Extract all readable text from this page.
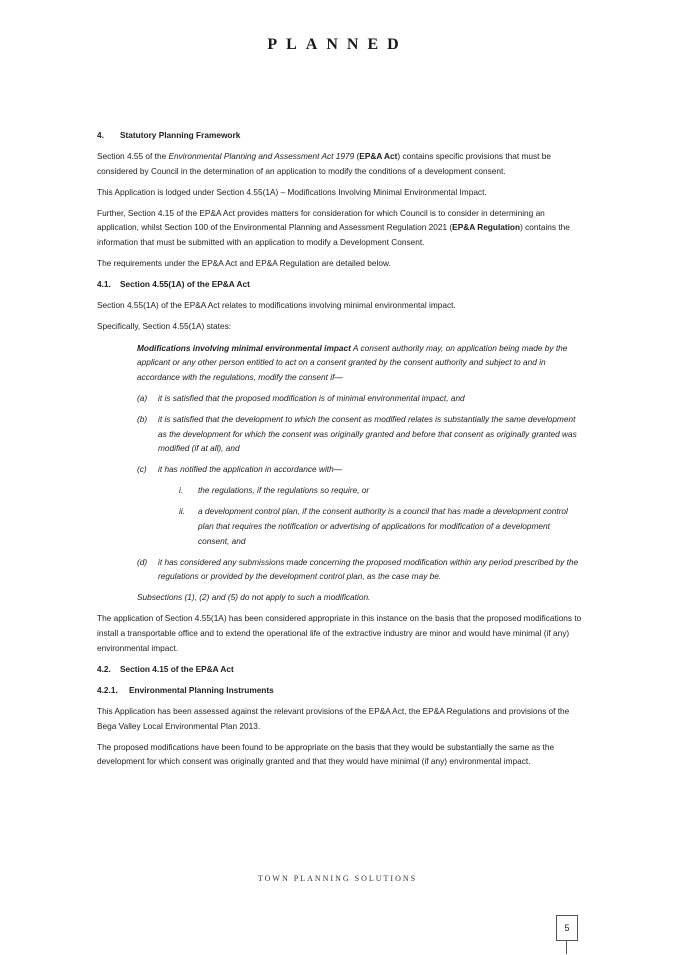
PLANNED
4. Statutory Planning Framework

Section 4.55 of the Environmental Planning and Assessment Act 1979 (EP&A Act) contains specific provisions that must be considered by Council in the determination of an application to modify the conditions of a development consent.

This Application is lodged under Section 4.55(1A) – Modifications Involving Minimal Environmental Impact.

Further, Section 4.15 of the EP&A Act provides matters for consideration for which Council is to consider in determining an application, whilst Section 100 of the Environmental Planning and Assessment Regulation 2021 (EP&A Regulation) contains the information that must be submitted with an application to modify a Development Consent.

The requirements under the EP&A Act and EP&A Regulation are detailed below.

4.1. Section 4.55(1A) of the EP&A Act

Section 4.55(1A) of the EP&A Act relates to modifications involving minimal environmental impact.

Specifically, Section 4.55(1A) states:

Modifications involving minimal environmental impact A consent authority may, on application being made by the applicant or any other person entitled to act on a consent granted by the consent authority and subject to and in accordance with the regulations, modify the consent if—

(a)	it is satisfied that the proposed modification is of minimal environmental impact, and
(b)	it is satisfied that the development to which the consent as modified relates is substantially the same development as the development for which the consent was originally granted and before that consent as originally granted was modified (if at all), and
(c)	it has notified the application in accordance with—
i.	the regulations, if the regulations so require, or
ii.	a development control plan, if the consent authority is a council that has made a development control plan that requires the notification or advertising of applications for modification of a development consent, and
(d)	it has considered any submissions made concerning the proposed modification within any period prescribed by the regulations or provided by the development control plan, as the case may be.

Subsections (1), (2) and (5) do not apply to such a modification.

The application of Section 4.55(1A) has been considered appropriate in this instance on the basis that the proposed modifications to install a transportable office and to extend the operational life of the extractive industry are minor and would have minimal (if any) environmental impact.

4.2. Section 4.15 of the EP&A Act
4.2.1. Environmental Planning Instruments

This Application has been assessed against the relevant provisions of the EP&A Act, the EP&A Regulations and provisions of the Bega Valley Local Environmental Plan 2013.

The proposed modifications have been found to be appropriate on the basis that they would be substantially the same as the development for which consent was originally granted and that they would have minimal (if any) environmental impact.

TOWN PLANNING SOLUTIONS
5
